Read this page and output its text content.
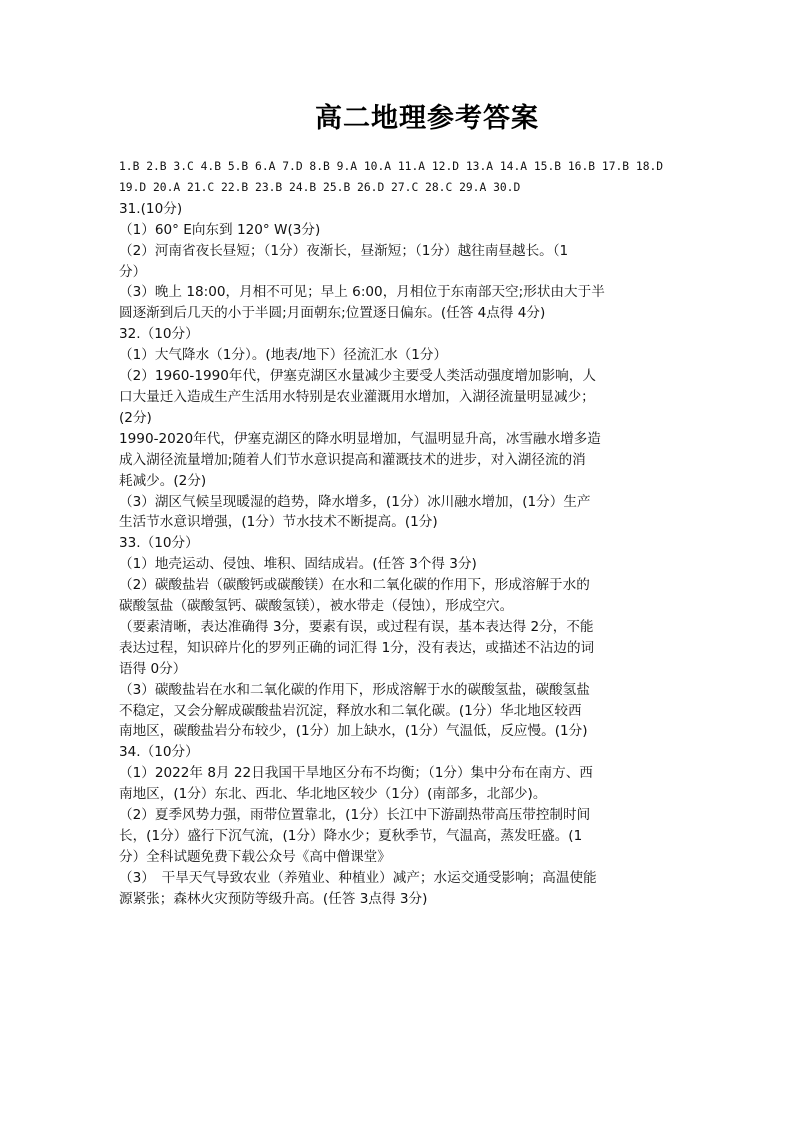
高二地理参考答案
1.B 2.B 3.C 4.B 5.B 6.A 7.D 8.B 9.A 10.A 11.A 12.D 13.A 14.A 15.B 16.B 17.B 18.D
19.D 20.A 21.C 22.B 23.B 24.B 25.B 26.D 27.C 28.C 29.A 30.D
31.(10分)
（1）60° E向东到 120° W(3分)
（2）河南省夜长昼短；（1分）夜渐长，昼渐短；（1分）越往南昼越长。（1
分）
（3）晚上 18:00，月相不可见；早上 6:00，月相位于东南部天空;形状由大于半
圆逐渐到后几天的小于半圆;月面朝东;位置逐日偏东。(任答 4点得 4分)
32.（10分）
（1）大气降水（1分）。(地表/地下）径流汇水（1分）
（2）1960-1990年代，伊塞克湖区水量减少主要受人类活动强度增加影响，人
口大量迁入造成生产生活用水特别是农业灌溉用水增加，入湖径流量明显减少；
(2分)
1990-2020年代，伊塞克湖区的降水明显增加，气温明显升高，冰雪融水增多造
成入湖径流量增加;随着人们节水意识提高和灌溉技术的进步，对入湖径流的消
耗减少。(2分)
（3）湖区气候呈现暖湿的趋势，降水增多，(1分）冰川融水增加，(1分）生产
生活节水意识增强，(1分）节水技术不断提高。(1分)
33.（10分）
（1）地壳运动、侵蚀、堆积、固结成岩。(任答 3个得 3分)
（2）碳酸盐岩（碳酸钙或碳酸镁）在水和二氧化碳的作用下，形成溶解于水的
碳酸氢盐（碳酸氢钙、碳酸氢镁），被水带走（侵蚀），形成空穴。
（要素清晰，表达准确得 3分，要素有误，或过程有误，基本表达得 2分，不能
表达过程，知识碎片化的罗列正确的词汇得 1分，没有表达，或描述不沾边的词
语得 0分）
（3）碳酸盐岩在水和二氧化碳的作用下，形成溶解于水的碳酸氢盐，碳酸氢盐
不稳定，又会分解成碳酸盐岩沉淀，释放水和二氧化碳。(1分）华北地区较西
南地区，碳酸盐岩分布较少，(1分）加上缺水，(1分）气温低，反应慢。(1分)
34.（10分）
（1）2022年 8月 22日我国干旱地区分布不均衡；（1分）集中分布在南方、西
南地区，(1分）东北、西北、华北地区较少（1分）(南部多，北部少)。
（2）夏季风势力强，雨带位置靠北，(1分）长江中下游副热带高压带控制时间
长，(1分）盛行下沉气流，(1分）降水少；夏秋季节，气温高，蒸发旺盛。(1
分）全科试题免费下载公众号《高中僧课堂》
（3）　干旱天气导致农业（养殖业、种植业）减产；水运交通受影响；高温使能
源紧张；森林火灾预防等级升高。(任答 3点得 3分)
